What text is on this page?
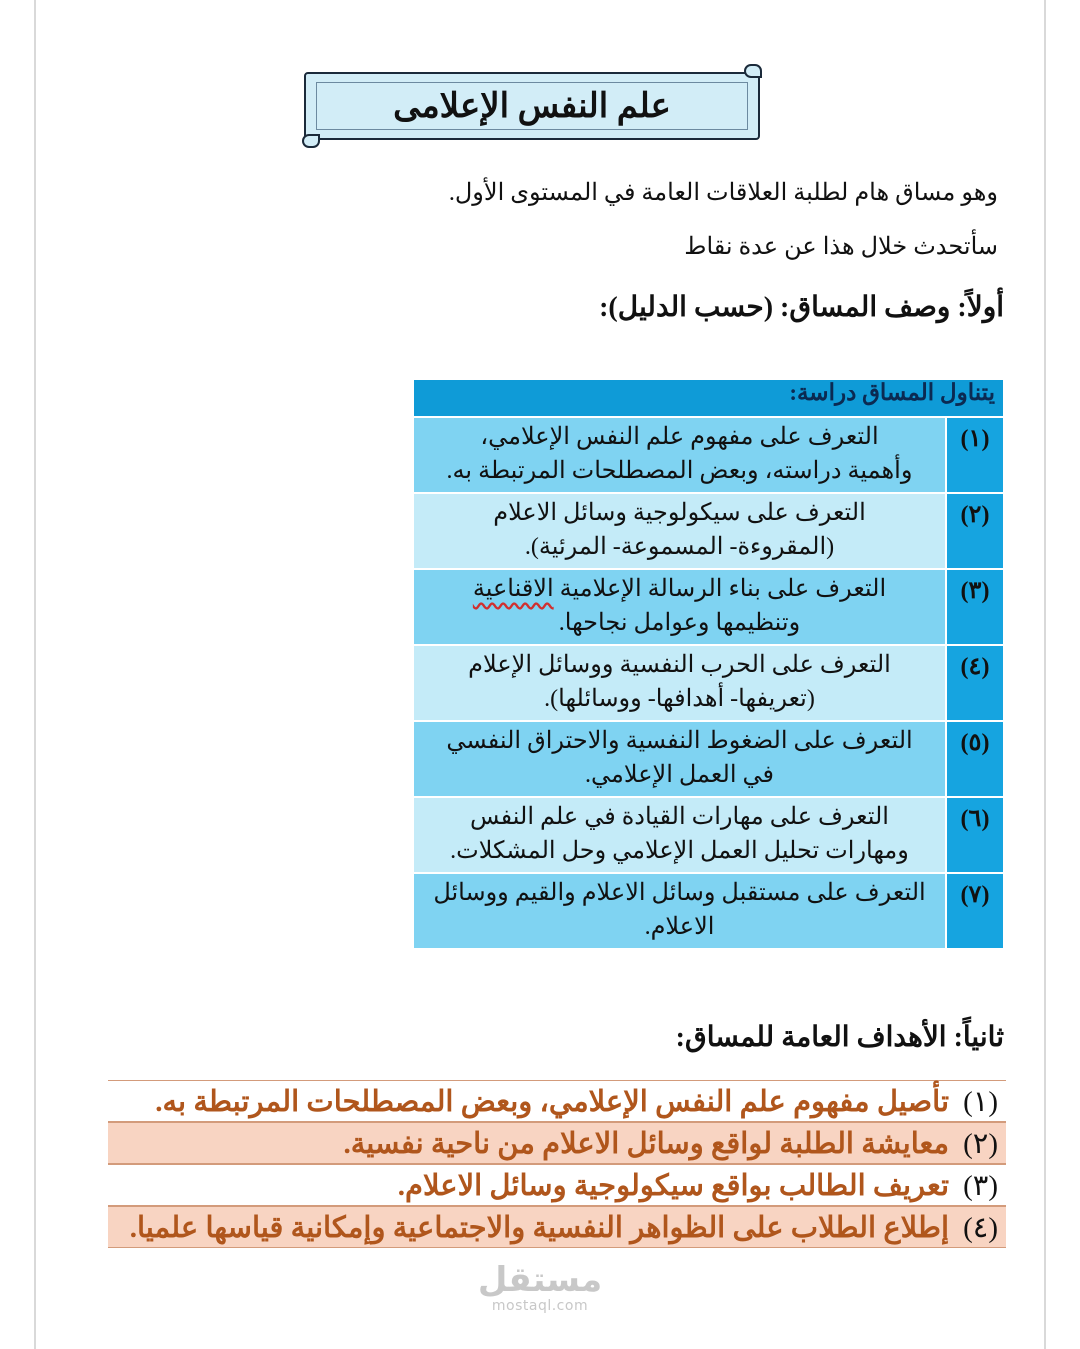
علم النفس الإعلامى
وهو مساق هام لطلبة العلاقات العامة في المستوى الأول.
سأتحدث خلال هذا عن عدة نقاط
أولاً: وصف المساق: (حسب الدليل):
يتناول المساق دراسة:	
(١)	التعرف على مفهوم علم النفس الإعلامي،
وأهمية دراسته، وبعض المصطلحات المرتبطة به.

(٢)	التعرف على سيكولوجية وسائل الاعلام
(المقروءة- المسموعة- المرئية).

(٣)	التعرف على بناء الرسالة الإعلامية الاقناعية
وتنظيمها وعوامل نجاحها.

(٤)	التعرف على الحرب النفسية ووسائل الإعلام
(تعريفها- أهدافها- ووسائلها).

(٥)	التعرف على الضغوط النفسية والاحتراق النفسي
في العمل الإعلامي.

(٦)	التعرف على مهارات القيادة في علم النفس
ومهارات تحليل العمل الإعلامي وحل المشكلات.

(٧)	التعرف على مستقبل وسائل الاعلام والقيم ووسائل
الاعلام.
ثانياً: الأهداف العامة للمساق:
(١)
تأصيل مفهوم علم النفس الإعلامي، وبعض المصطلحات المرتبطة به.
(٢)
معايشة الطلبة لواقع وسائل الاعلام من ناحية نفسية.
(٣)
تعريف الطالب بواقع سيكولوجية وسائل الاعلام.
(٤)
إطلاع الطلاب على الظواهر النفسية والاجتماعية وإمكانية قياسها علميا.
مستقل
mostaql.com
